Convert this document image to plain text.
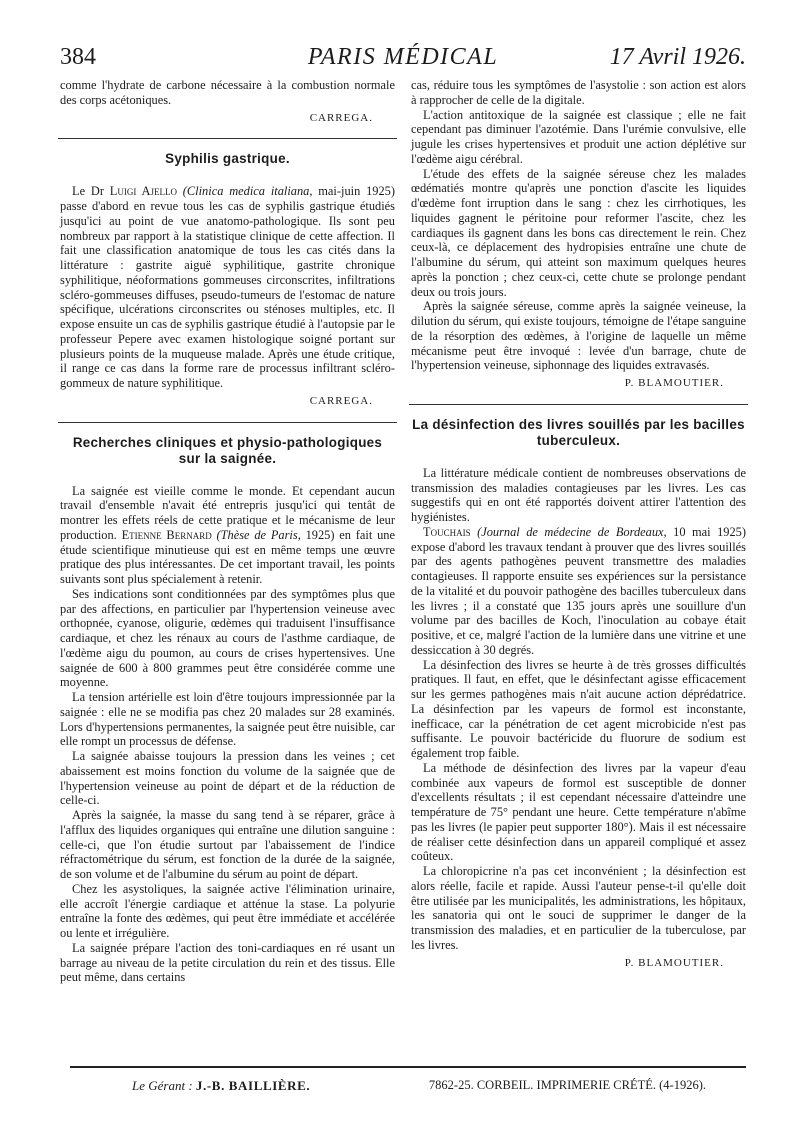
384	PARIS MÉDICAL	17 Avril 1926.

comme l'hydrate de carbone nécessaire à la combustion normale des corps acétoniques.

CARREGA.
Syphilis gastrique.

Le Dr Luigi Ajello (Clinica medica italiana, mai-juin 1925) passe d'abord en revue tous les cas de syphilis gastrique étudiés jusqu'ici au point de vue anatomo-pathologique. Ils sont peu nombreux par rapport à la statistique clinique de cette affection. Il fait une classification anatomique de tous les cas cités dans la littérature : gastrite aiguë syphilitique, gastrite chronique syphilitique, néoformations gommeuses circonscrites, infiltrations scléro-gommeuses diffuses, pseudo-tumeurs de l'estomac de nature spécifique, ulcérations circonscrites ou sténoses multiples, etc. Il expose ensuite un cas de syphilis gastrique étudié à l'autopsie par le professeur Pepere avec examen histologique soigné portant sur plusieurs points de la muqueuse malade. Après une étude critique, il range ce cas dans la forme rare de processus infiltrant scléro-gommeux de nature syphilitique.

CARREGA.
Recherches cliniques et physio-pathologiques sur la saignée.

La saignée est vieille comme le monde. Et cependant aucun travail d'ensemble n'avait été entrepris jusqu'ici qui tentât de montrer les effets réels de cette pratique et le mécanisme de leur production. Etienne Bernard (Thèse de Paris, 1925) en fait une étude scientifique minutieuse qui est en même temps une œuvre pratique des plus intéressantes. De cet important travail, les points suivants sont plus spécialement à retenir.

Ses indications sont conditionnées par des symptômes plus que par des affections, en particulier par l'hypertension veineuse avec orthopnée, cyanose, oligurie, œdèmes qui traduisent l'insuffisance cardiaque, et chez les rénaux au cours de l'asthme cardiaque, de l'œdème aigu du poumon, au cours de crises hypertensives. Une saignée de 600 à 800 grammes peut être considérée comme une moyenne.

La tension artérielle est loin d'être toujours impressionnée par la saignée : elle ne se modifia pas chez 20 malades sur 28 examinés. Lors d'hypertensions permanentes, la saignée peut être nuisible, car elle rompt un processus de défense.

La saignée abaisse toujours la pression dans les veines ; cet abaissement est moins fonction du volume de la saignée que de l'hypertension veineuse au point de départ et de la réduction de celle-ci.

Après la saignée, la masse du sang tend à se réparer, grâce à l'afflux des liquides organiques qui entraîne une dilution sanguine : celle-ci, que l'on étudie surtout par l'abaissement de l'indice réfractométrique du sérum, est fonction de la durée de la saignée, de son volume et de l'albumine du sérum au point de départ.

Chez les asystoliques, la saignée active l'élimination urinaire, elle accroît l'énergie cardiaque et atténue la stase. La polyurie entraîne la fonte des œdèmes, qui peut être immédiate et accélérée ou lente et irrégulière.

La saignée prépare l'action des toni-cardiaques en ré usant un barrage au niveau de la petite circulation du rein et des tissus. Elle peut même, dans certains

cas, réduire tous les symptômes de l'asystolie : son action est alors à rapprocher de celle de la digitale.

L'action antitoxique de la saignée est classique ; elle ne fait cependant pas diminuer l'azotémie. Dans l'urémie convulsive, elle jugule les crises hypertensives et produit une action déplétive sur l'œdème aigu cérébral.

L'étude des effets de la saignée séreuse chez les malades œdématiés montre qu'après une ponction d'ascite les liquides d'œdème font irruption dans le sang : chez les cirrhotiques, les liquides gagnent le péritoine pour reformer l'ascite, chez les cardiaques ils gagnent dans les bons cas directement le rein. Chez ceux-là, ce déplacement des hydropisies entraîne une chute de l'albumine du sérum, qui atteint son maximum quelques heures après la ponction ; chez ceux-ci, cette chute se prolonge pendant deux ou trois jours.

Après la saignée séreuse, comme après la saignée veineuse, la dilution du sérum, qui existe toujours, témoigne de l'étape sanguine de la résorption des œdèmes, à l'origine de laquelle un même mécanisme peut être invoqué : levée d'un barrage, chute de l'hypertension veineuse, siphonnage des liquides extravasés.

P. BLAMOUTIER.
La désinfection des livres souillés par les bacilles tuberculeux.

La littérature médicale contient de nombreuses observations de transmission des maladies contagieuses par les livres. Les cas suggestifs qui en ont été rapportés doivent attirer l'attention des hygiénistes.

Touchais (Journal de médecine de Bordeaux, 10 mai 1925) expose d'abord les travaux tendant à prouver que des livres souillés par des agents pathogènes peuvent transmettre des maladies contagieuses. Il rapporte ensuite ses expériences sur la persistance de la vitalité et du pouvoir pathogène des bacilles tuberculeux dans les livres ; il a constaté que 135 jours après une souillure d'un volume par des bacilles de Koch, l'inoculation au cobaye était positive, et ce, malgré l'action de la lumière dans une vitrine et une dessiccation à 30 degrés.

La désinfection des livres se heurte à de très grosses difficultés pratiques. Il faut, en effet, que le désinfectant agisse efficacement sur les germes pathogènes mais n'ait aucune action déprédatrice. La désinfection par les vapeurs de formol est inconstante, inefficace, car la pénétration de cet agent microbicide n'est pas suffisante. Le pouvoir bactéricide du fluorure de sodium est également trop faible.

La méthode de désinfection des livres par la vapeur d'eau combinée aux vapeurs de formol est susceptible de donner d'excellents résultats ; il est cependant nécessaire d'atteindre une température de 75° pendant une heure. Cette température n'abîme pas les livres (le papier peut supporter 180°). Mais il est nécessaire de réaliser cette désinfection dans un appareil compliqué et assez coûteux.

La chloropicrine n'a pas cet inconvénient ; la désinfection est alors réelle, facile et rapide. Aussi l'auteur pense-t-il qu'elle doit être utilisée par les municipalités, les administrations, les hôpitaux, les sanatoria qui ont le souci de supprimer le danger de la transmission des maladies, et en particulier de la tuberculose, par les livres.

P. BLAMOUTIER.
Le Gérant : J.-B. BAILLIÈRE.	7862-25. CORBEIL. IMPRIMERIE CRÉTÉ. (4-1926).
